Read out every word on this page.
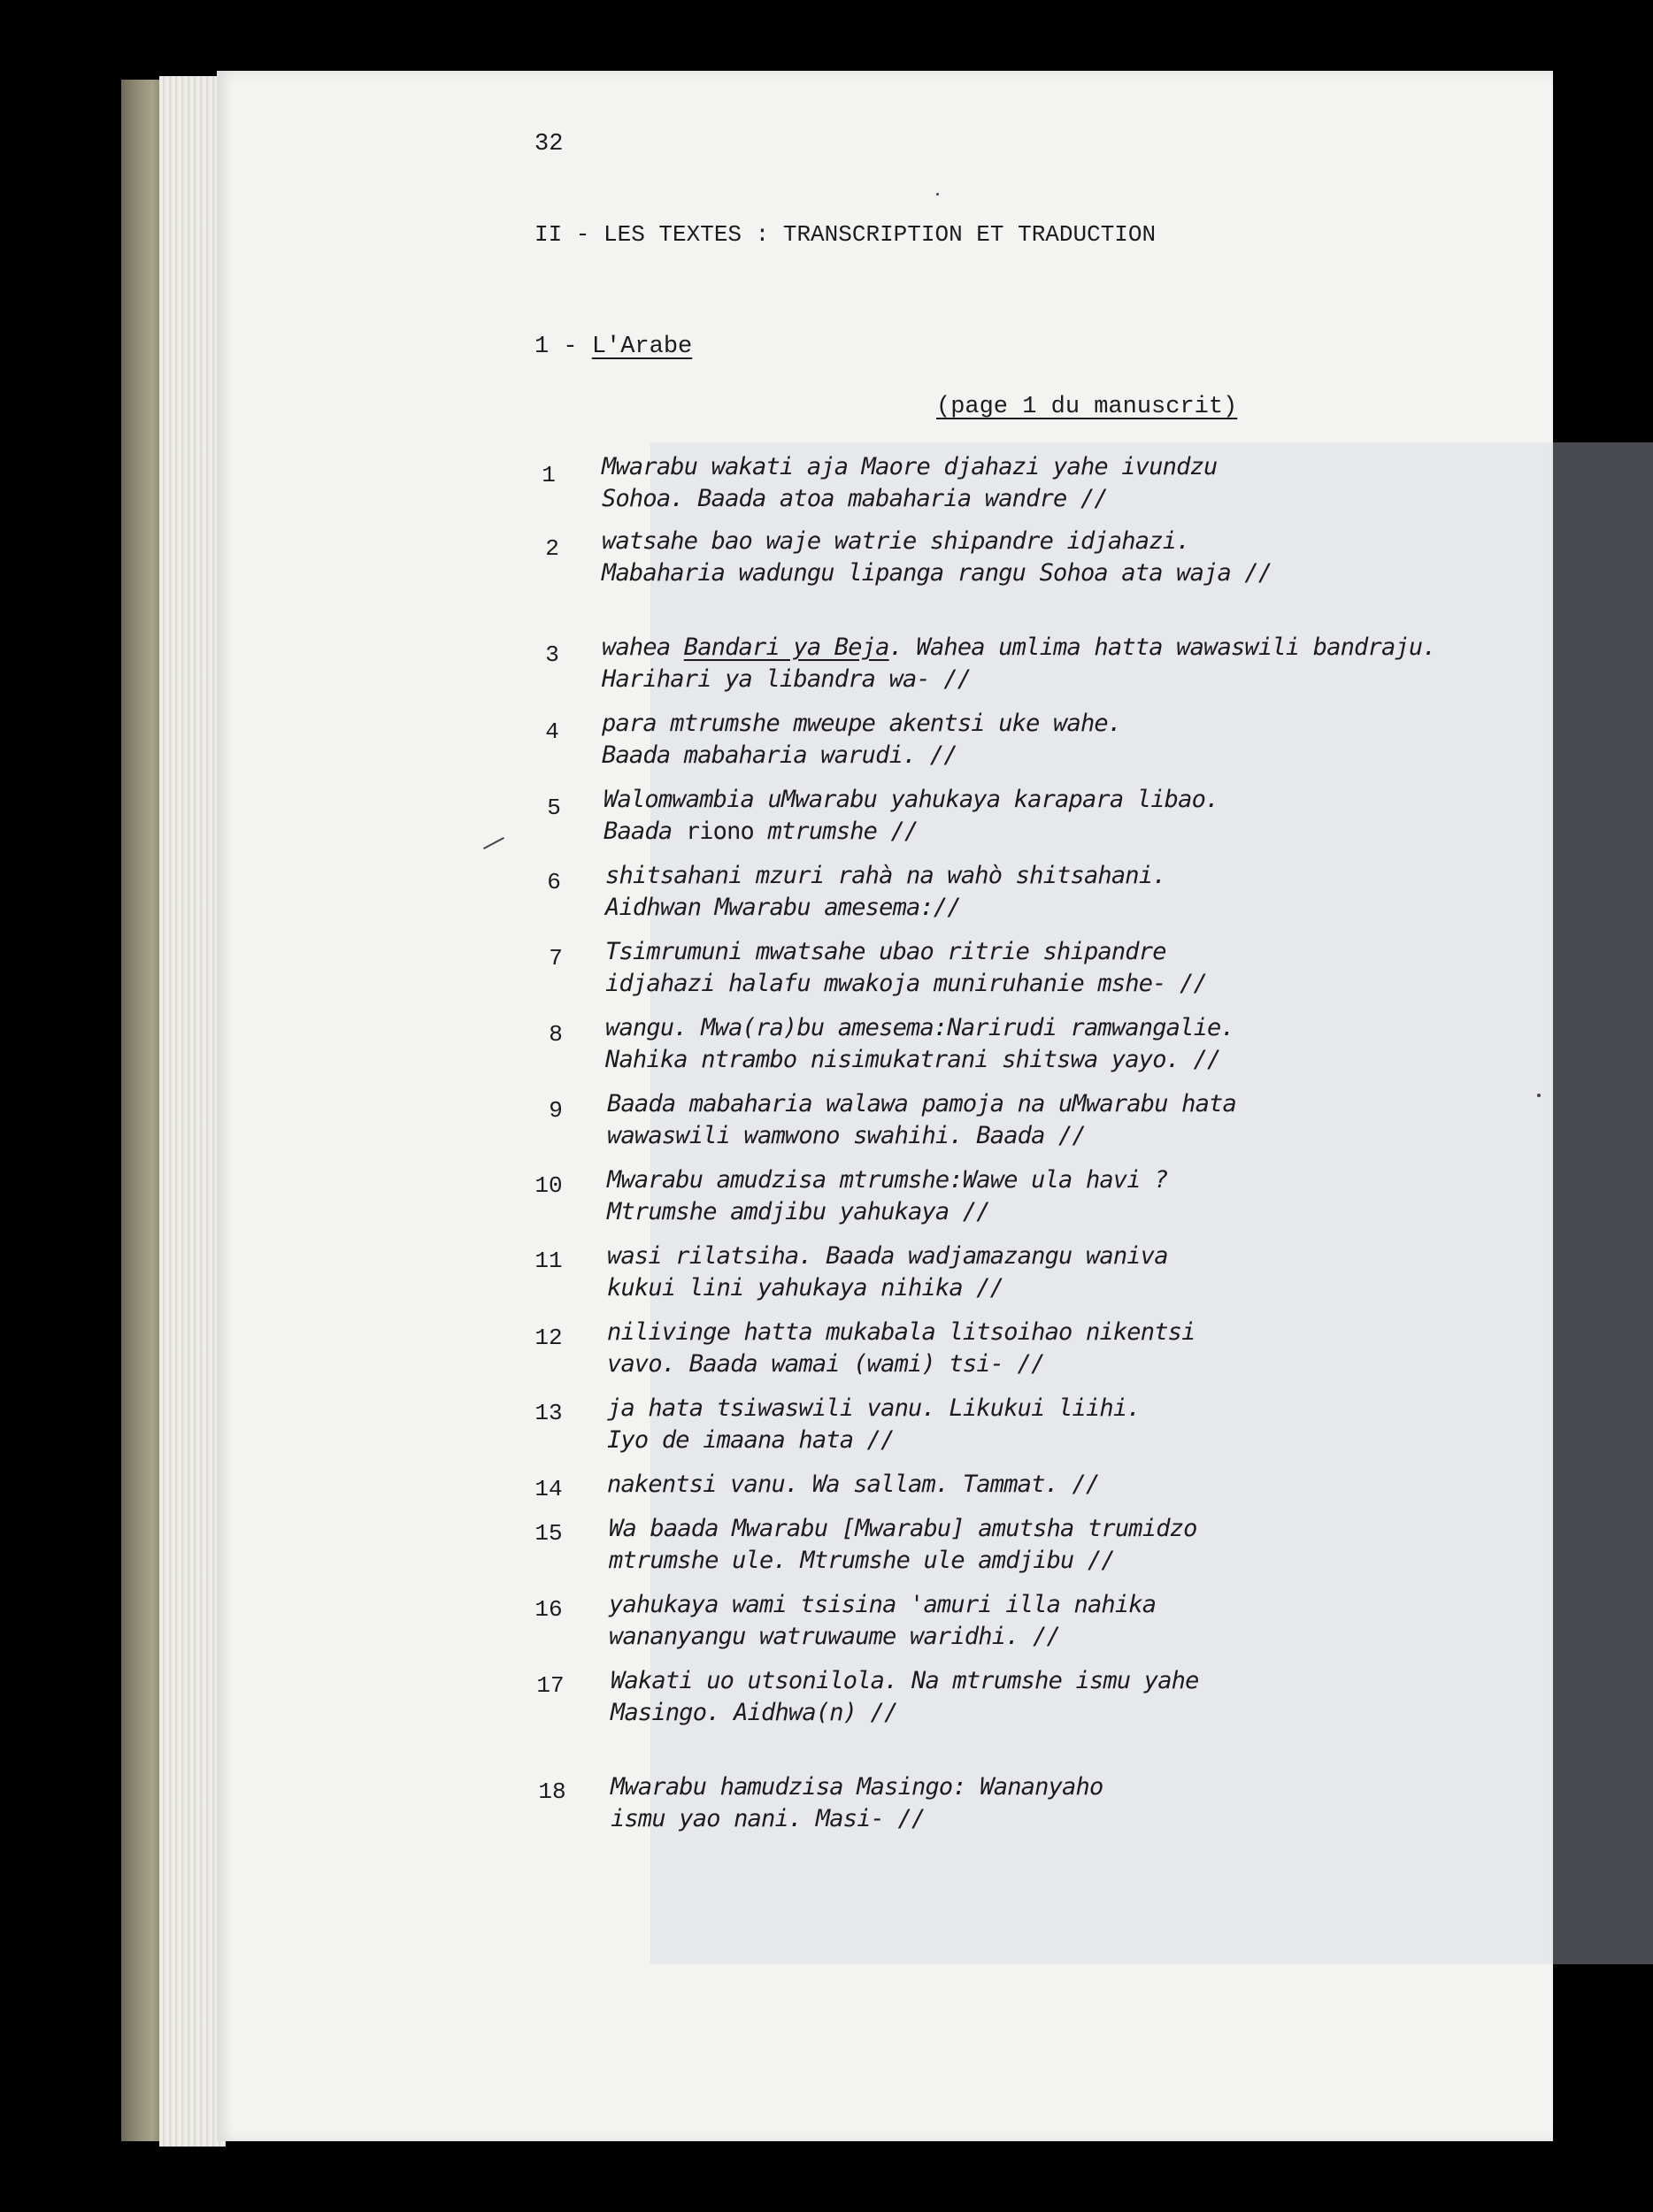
32
II - LES TEXTES : TRANSCRIPTION ET TRADUCTION
1 - L'Arabe
(page 1 du manuscrit)
1	Mwarabu wakati aja Maore djahazi yahe ivundzu
Sohoa. Baada atoa mabaharia wandre //
2	watsahe bao waje watrie shipandre idjahazi.
Mabaharia wadungu lipanga rangu Sohoa ata waja //
3	wahea Bandari ya Beja. Wahea umlima hatta wawaswili bandraju.
Harihari ya libandra wa- //
4	para mtrumshe mweupe akentsi uke wahe.
Baada mabaharia warudi. //
5	Walomwambia uMwarabu yahukaya karapara libao.
Baada riono mtrumshe //
6	shitsahani mzuri rahà na wahò shitsahani.
Aidhwan Mwarabu amesema://
7	Tsimrumuni mwatsahe ubao ritrie shipandre
idjahazi halafu mwakoja muniruhanie mshe- //
8	wangu. Mwa(ra)bu amesema:Narirudi ramwangalie.
Nahika ntrambo nisimukatrani shitswa yayo. //
9	Baada mabaharia walawa pamoja na uMwarabu hata
wawaswili wamwono swahihi. Baada //
10	Mwarabu amudzisa mtrumshe:Wawe ula havi ?
Mtrumshe amdjibu yahukaya //
11	wasi rilatsiha. Baada wadjamazangu waniva
kukui lini yahukaya nihika //
12	nilivinge hatta mukabala litsoihao nikentsi
vavo. Baada wamai (wami) tsi- //
13	ja hata tsiwaswili vanu. Likukui liihi.
Iyo de imaana hata //
14	nakentsi vanu. Wa sallam. Tammat. //
15	Wa baada Mwarabu [Mwarabu] amutsha trumidzo
mtrumshe ule. Mtrumshe ule amdjibu //
16	yahukaya wami tsisina 'amuri illa nahika
wananyangu watruwaume waridhi. //
17	Wakati uo utsonilola. Na mtrumshe ismu yahe
Masingo. Aidhwa(n) //
18	Mwarabu hamudzisa Masingo: Wananyaho
ismu yao nani. Masi- //
